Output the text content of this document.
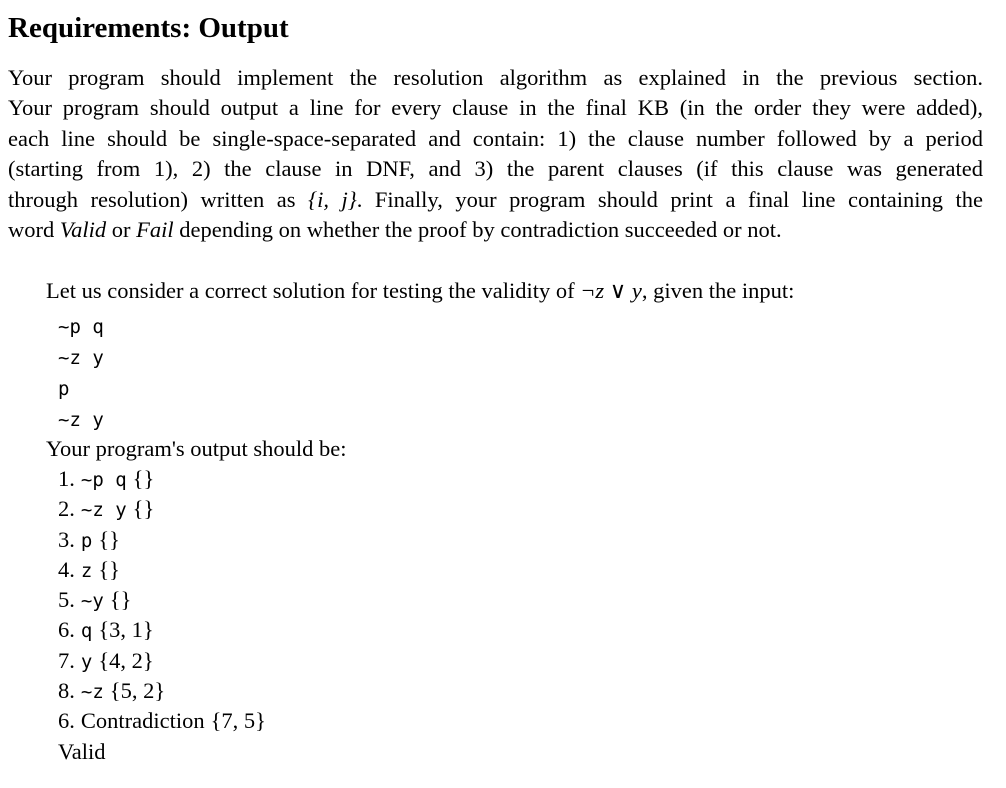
Requirements: Output
Your program should implement the resolution algorithm as explained in the previous section.
Your program should output a line for every clause in the final KB (in the order they were added),
each line should be single-space-separated and contain: 1) the clause number followed by a period
(starting from 1), 2) the clause in DNF, and 3) the parent clauses (if this clause was generated
through resolution) written as {i, j}. Finally, your program should print a final line containing the
word Valid or Fail depending on whether the proof by contradiction succeeded or not.
Let us consider a correct solution for testing the validity of ¬z ∨ y, given the input:
~p q
~z y
p
~z y
Your program's output should be:
1. ~p q {}
2. ~z y {}
3. p {}
4. z {}
5. ~y {}
6. q {3, 1}
7. y {4, 2}
8. ~z {5, 2}
6. Contradiction {7, 5}
Valid
